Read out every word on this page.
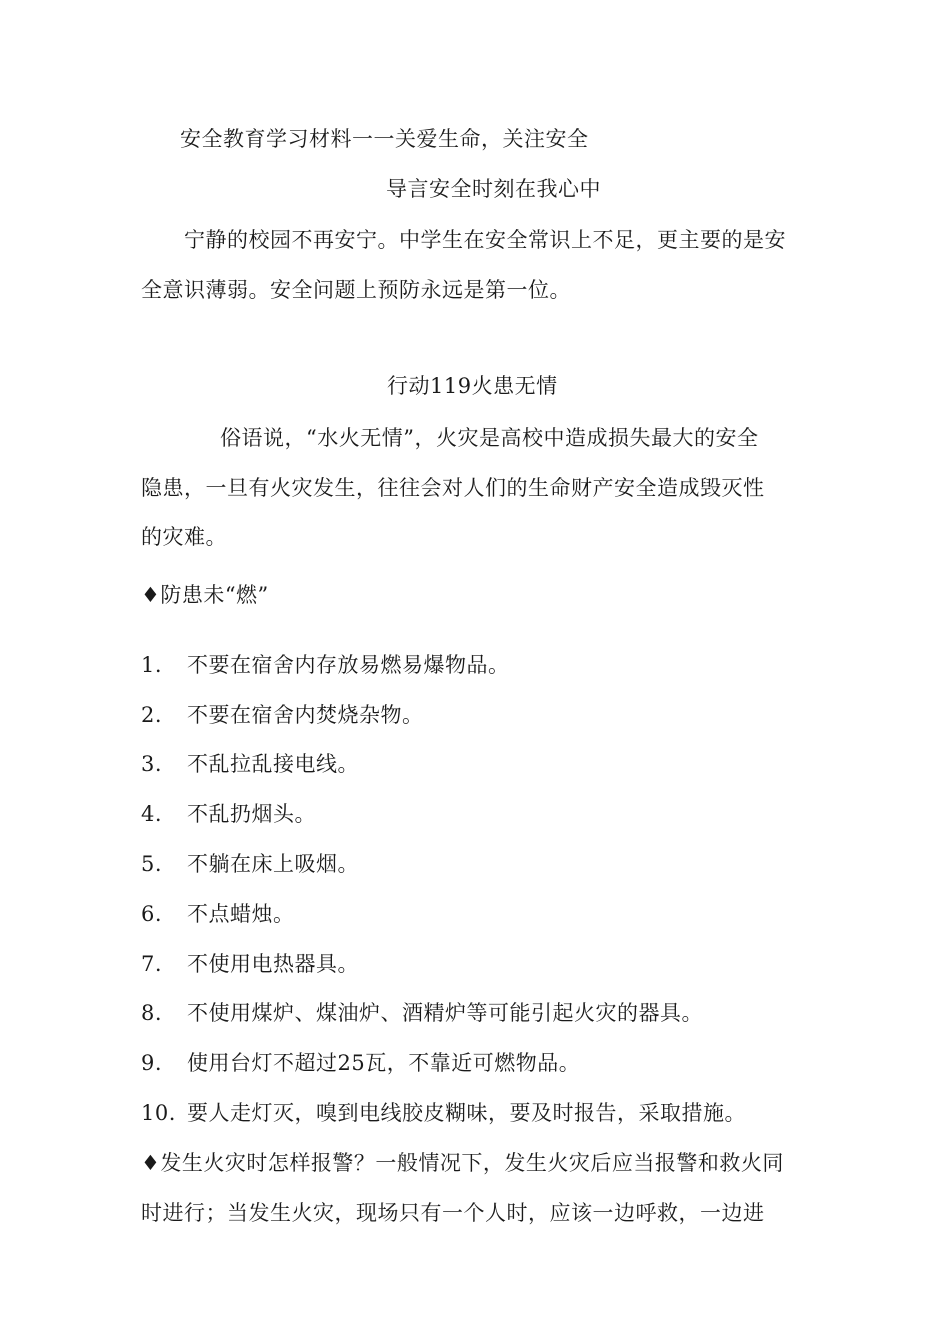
安全教育学习材料一一关爱生命，关注安全
导言安全时刻在我心中
宁静的校园不再安宁。中学生在安全常识上不足，更主要的是安
全意识薄弱。安全问题上预防永远是第一位。
行动119火患无情
俗语说，“水火无情”，火灾是高校中造成损失最大的安全
隐患，一旦有火灾发生，往往会对人们的生命财产安全造成毁灭性
的灾难。
♦防患未“燃”
1. 不要在宿舍内存放易燃易爆物品。
2. 不要在宿舍内焚烧杂物。
3. 不乱拉乱接电线。
4. 不乱扔烟头。
5. 不躺在床上吸烟。
6. 不点蜡烛。
7. 不使用电热器具。
8. 不使用煤炉、煤油炉、酒精炉等可能引起火灾的器具。
9. 使用台灯不超过25瓦，不靠近可燃物品。
10. 要人走灯灭，嗅到电线胶皮糊味，要及时报告，采取措施。
♦发生火灾时怎样报警？一般情况下，发生火灾后应当报警和救火同
时进行；当发生火灾，现场只有一个人时，应该一边呼救，一边进
